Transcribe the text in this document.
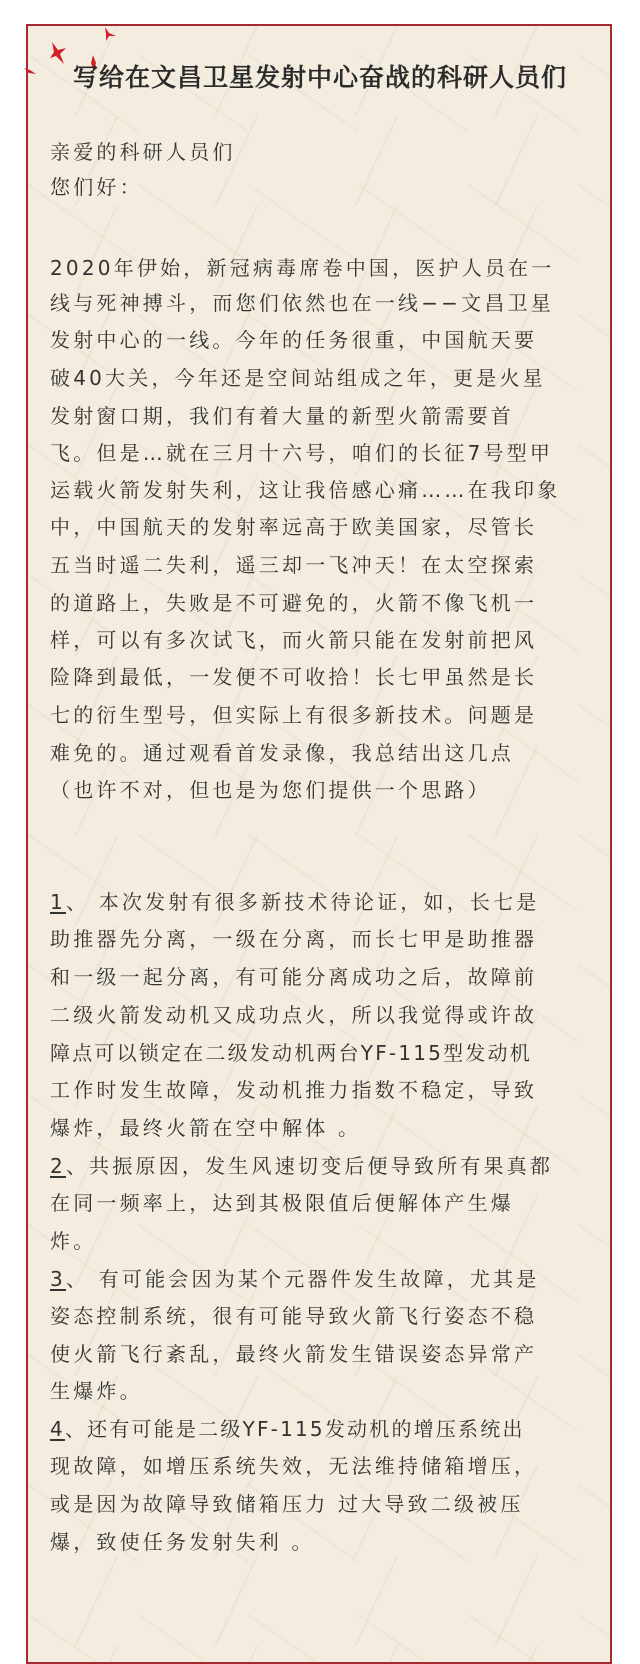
写给在文昌卫星发射中心奋战的科研人员们
亲爱的科研人员们
您们好：
2020年伊始，新冠病毒席卷中国，医护人员在一
线与死神搏斗，而您们依然也在一线−−文昌卫星
发射中心的一线。今年的任务很重，中国航天要
破40大关，今年还是空间站组成之年，更是火星
发射窗口期，我们有着大量的新型火箭需要首
飞。但是…就在三月十六号，咱们的长征7号型甲
运载火箭发射失利，这让我倍感心痛……在我印象
中，中国航天的发射率远高于欧美国家，尽管长
五当时遥二失利，遥三却一飞冲天！在太空探索
的道路上，失败是不可避免的，火箭不像飞机一
样，可以有多次试飞，而火箭只能在发射前把风
险降到最低，一发便不可收拾！长七甲虽然是长
七的衍生型号，但实际上有很多新技术。问题是
难免的。通过观看首发录像，我总结出这几点
（也许不对，但也是为您们提供一个思路）
1、 本次发射有很多新技术待论证，如，长七是
助推器先分离，一级在分离，而长七甲是助推器
和一级一起分离，有可能分离成功之后，故障前
二级火箭发动机又成功点火，所以我觉得或许故
障点可以锁定在二级发动机两台YF-115型发动机
工作时发生故障，发动机推力指数不稳定，导致
爆炸，最终火箭在空中解体 。
2、共振原因，发生风速切变后便导致所有果真都
在同一频率上，达到其极限值后便解体产生爆
炸。
3、 有可能会因为某个元器件发生故障，尤其是
姿态控制系统，很有可能导致火箭飞行姿态不稳
使火箭飞行紊乱，最终火箭发生错误姿态异常产
生爆炸。
4、还有可能是二级YF-115发动机的增压系统出
现故障，如增压系统失效，无法维持储箱增压，
或是因为故障导致储箱压力 过大导致二级被压
爆，致使任务发射失利 。
